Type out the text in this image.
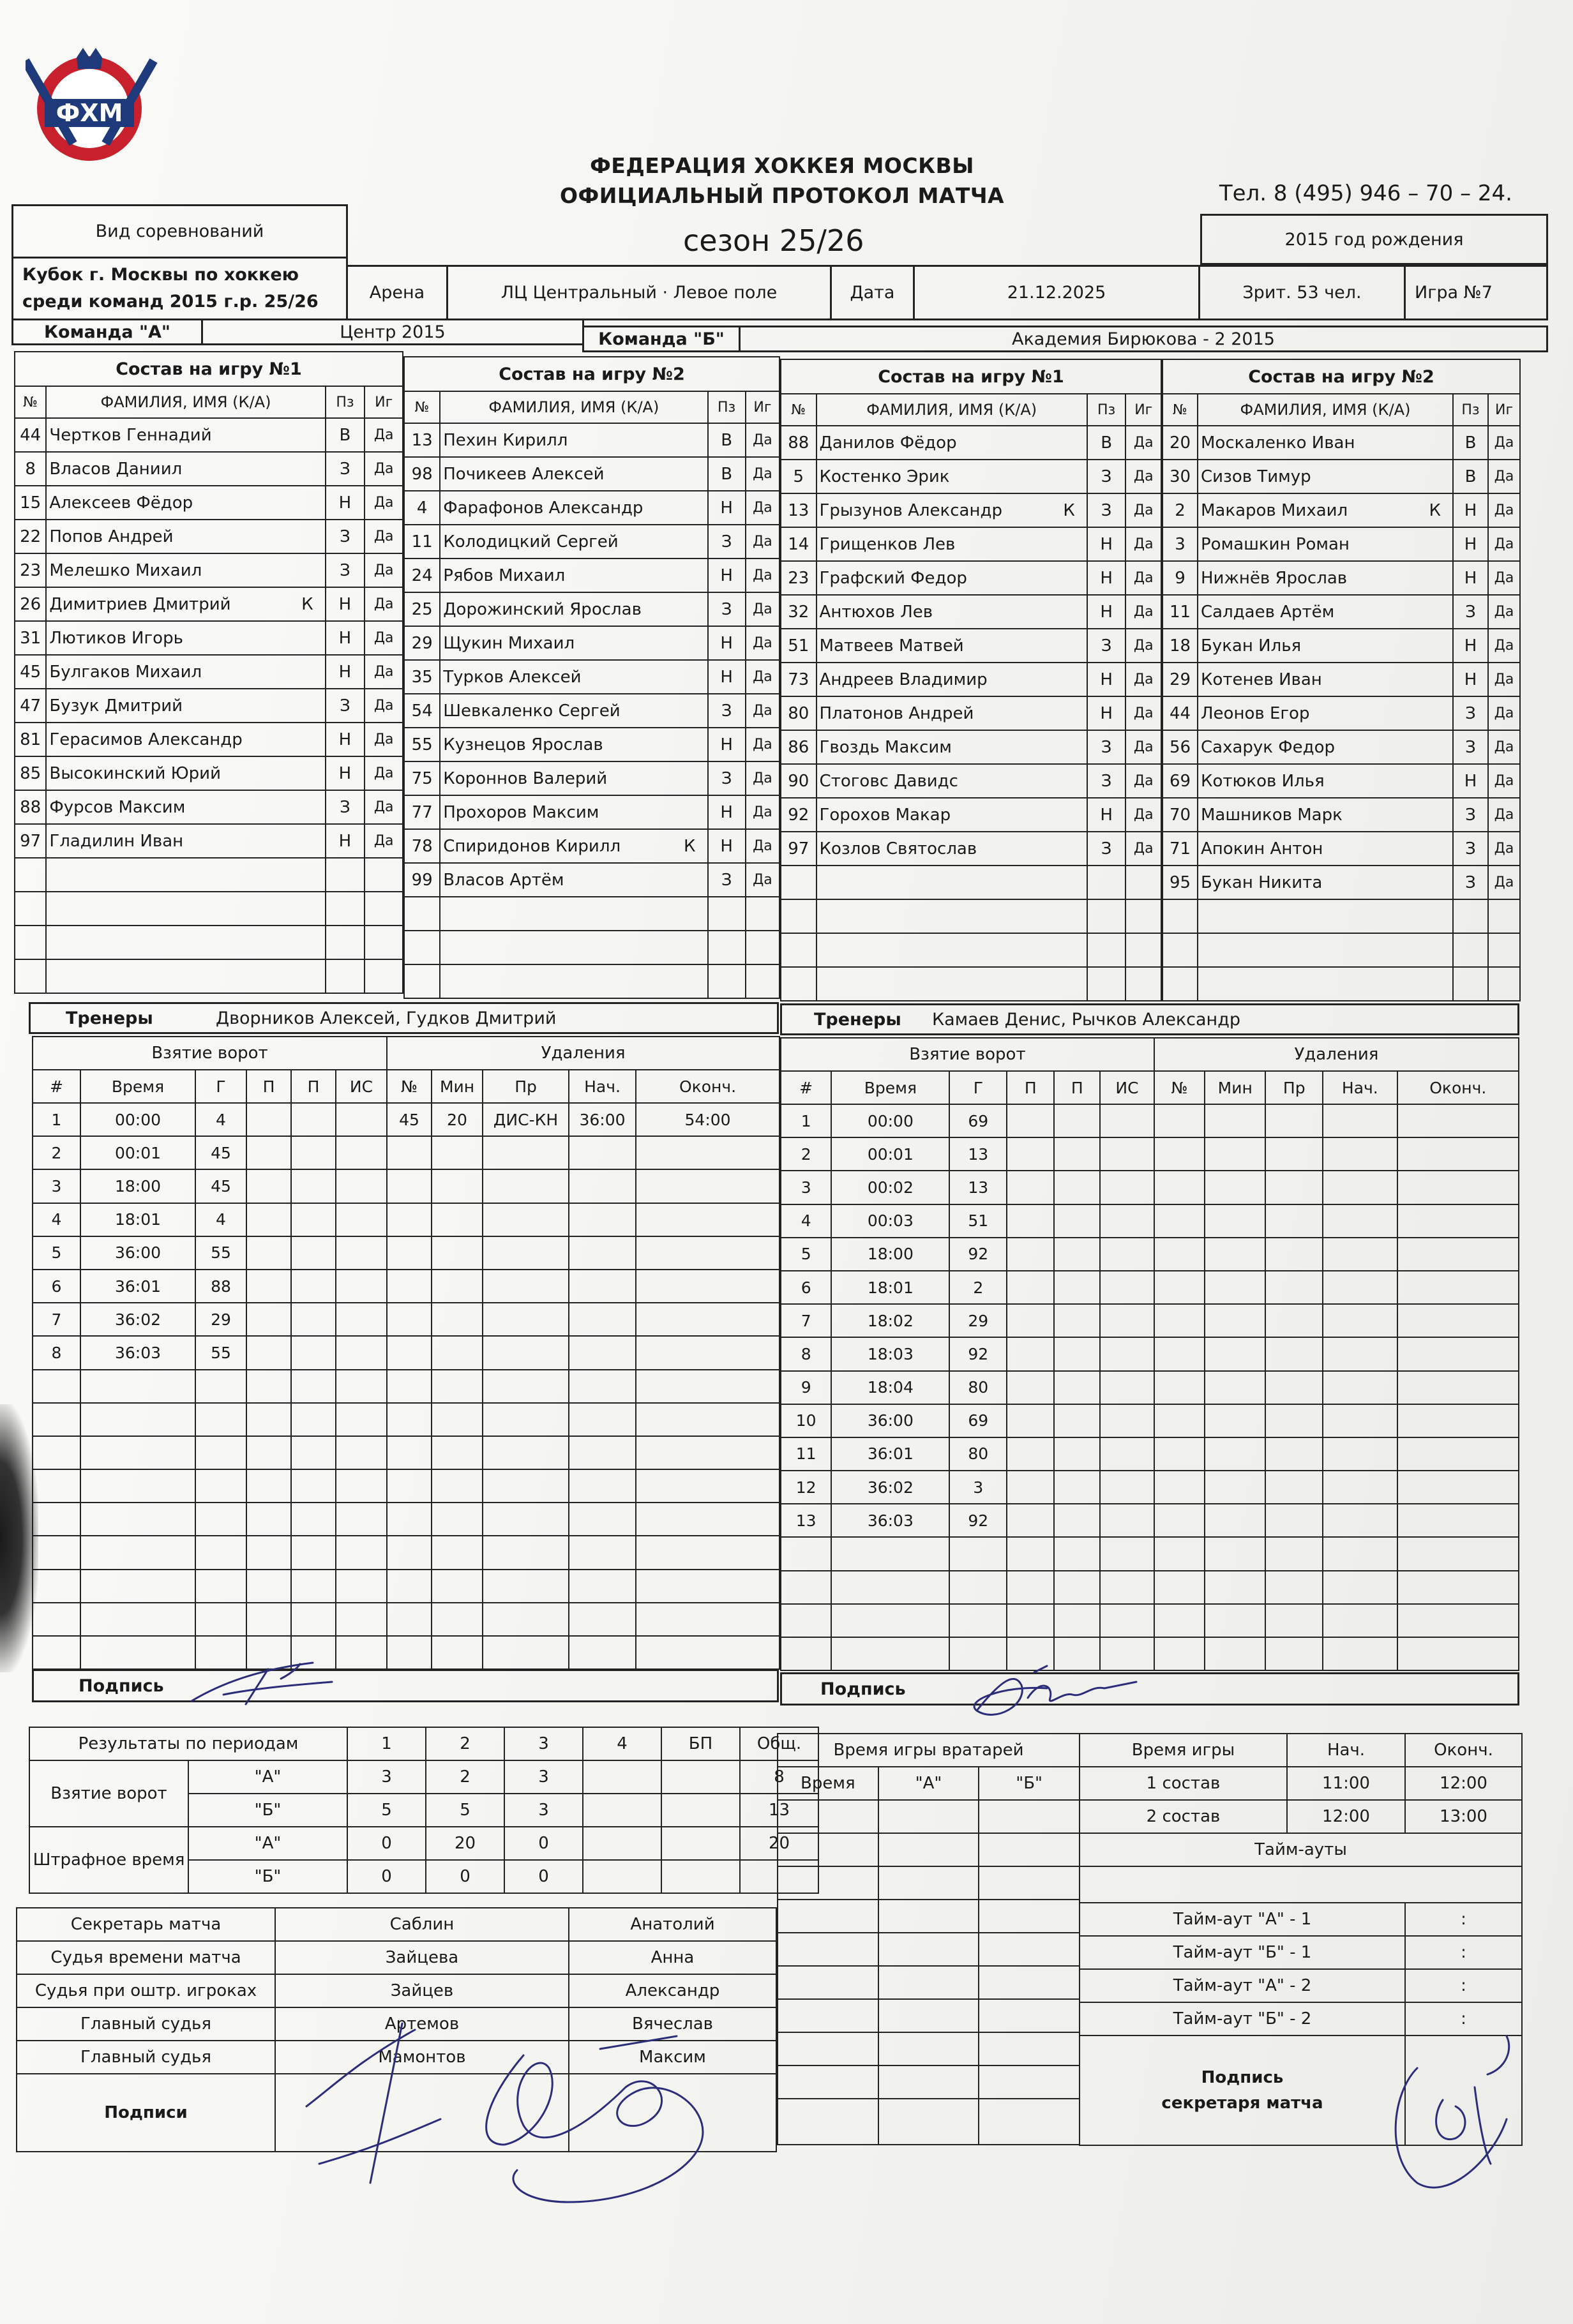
ФХМ
ФЕДЕРАЦИЯ ХОККЕЯ МОСКВЫ
ОФИЦИАЛЬНЫЙ ПРОТОКОЛ МАТЧА	Тел. 8 (495) 946 – 70 – 24.
сезон 25/26
Вид соревнований	2015 год рождения
Кубок г. Москвы по хоккею
среди команд 2015 г.р. 25/26	Арена	ЛЦ Центральный · Левое поле	Дата	21.12.2025	Зрит. 53 чел.	Игра №7
Команда "А"	Центр 2015	Команда "Б"	Академия Бирюкова - 2 2015
Состав на игру №1			
№	ФАМИЛИЯ, ИМЯ (К/А)	Пз	Иг
44	Чертков Геннадий	В	Да
8	Власов Даниил	З	Да
15	Алексеев Фёдор	Н	Да
22	Попов Андрей	З	Да
23	Мелешко Михаил	З	Да
26	Димитриев Дмитрий К	Н	Да
31	Лютиков Игорь	Н	Да
45	Булгаков Михаил	Н	Да
47	Бузук Дмитрий	З	Да
81	Герасимов Александр	Н	Да
85	Высокинский Юрий	Н	Да
88	Фурсов Максим	З	Да
97	Гладилин Иван	Н	Да

Состав на игру №2			
№	ФАМИЛИЯ, ИМЯ (К/А)	Пз	Иг
13	Пехин Кирилл	В	Да
98	Почикеев Алексей	В	Да
4	Фарафонов Александр	Н	Да
11	Колодицкий Сергей	З	Да
24	Рябов Михаил	Н	Да
25	Дорожинский Ярослав	З	Да
29	Щукин Михаил	Н	Да
35	Турков Алексей	Н	Да
54	Шевкаленко Сергей	З	Да
55	Кузнецов Ярослав	Н	Да
75	Короннов Валерий	З	Да
77	Прохоров Максим	Н	Да
78	Спиридонов Кирилл К	Н	Да
99	Власов Артём	З	Да

Состав на игру №1			
№	ФАМИЛИЯ, ИМЯ (К/А)	Пз	Иг
88	Данилов Фёдор	В	Да
5	Костенко Эрик	З	Да
13	Грызунов Александр К	З	Да
14	Грищенков Лев	Н	Да
23	Графский Федор	Н	Да
32	Антюхов Лев	Н	Да
51	Матвеев Матвей	З	Да
73	Андреев Владимир	Н	Да
80	Платонов Андрей	Н	Да
86	Гвоздь Максим	З	Да
90	Стоговс Давидс	З	Да
92	Горохов Макар	Н	Да
97	Козлов Святослав	З	Да

Состав на игру №2			
№	ФАМИЛИЯ, ИМЯ (К/А)	Пз	Иг
20	Москаленко Иван	В	Да
30	Сизов Тимур	В	Да
2	Макаров Михаил К	Н	Да
3	Ромашкин Роман	Н	Да
9	Нижнёв Ярослав	Н	Да
11	Салдаев Артём	З	Да
18	Букан Илья	Н	Да
29	Котенев Иван	Н	Да
44	Леонов Егор	З	Да
56	Сахарук Федор	З	Да
69	Котюков Илья	Н	Да
70	Машников Марк	З	Да
71	Апокин Антон	З	Да
95	Букан Никита	З	Да

Тренеры	Дворников Алексей, Гудков Дмитрий	Тренеры	Камаев Денис, Рычков Александр
Взятие ворот						Удаления				
#	Время	Г	П	П	ИС	№	Мин	Пр	Нач.	Оконч.
1	00:00	4				45	20	ДИС-КН	36:00	54:00
2	00:01	45								
3	18:00	45								
4	18:01	4								
5	36:00	55								
6	36:01	88								
7	36:02	29								
8	36:03	55								

Взятие ворот						Удаления				
#	Время	Г	П	П	ИС	№	Мин	Пр	Нач.	Оконч.
1	00:00	69								
2	00:01	13								
3	00:02	13								
4	00:03	51								
5	18:00	92								
6	18:01	2								
7	18:02	29								
8	18:03	92								
9	18:04	80								
10	36:00	69								
11	36:01	80								
12	36:02	3								
13	36:03	92								

Подпись	Подпись
Результаты по периодам		1	2	3	4	БП	Общ.
Взятие ворот	"А"	3	2	3			8
	"Б"	5	5	3			13
Штрафное время	"А"	0	20	0			20
	"Б"	0	0	0			
Секретарь матча	Саблин	Анатолий
Судья времени матча	Зайцева	Анна
Судья при оштр. игроках	Зайцев	Александр
Главный судья	Артемов	Вячеслав
Главный судья	Мамонтов	Максим
Подписи		
Время игры вратарей		
Время	"А"	"Б"

Время игры	Нач.	Оконч.
1 состав	11:00	12:00
2 состав	12:00	13:00
Тайм-ауты		

Тайм-аут "А" - 1		:
Тайм-аут "Б" - 1		:
Тайм-аут "А" - 2		:
Тайм-аут "Б" - 2		:
Подпись
секретаря матча		
